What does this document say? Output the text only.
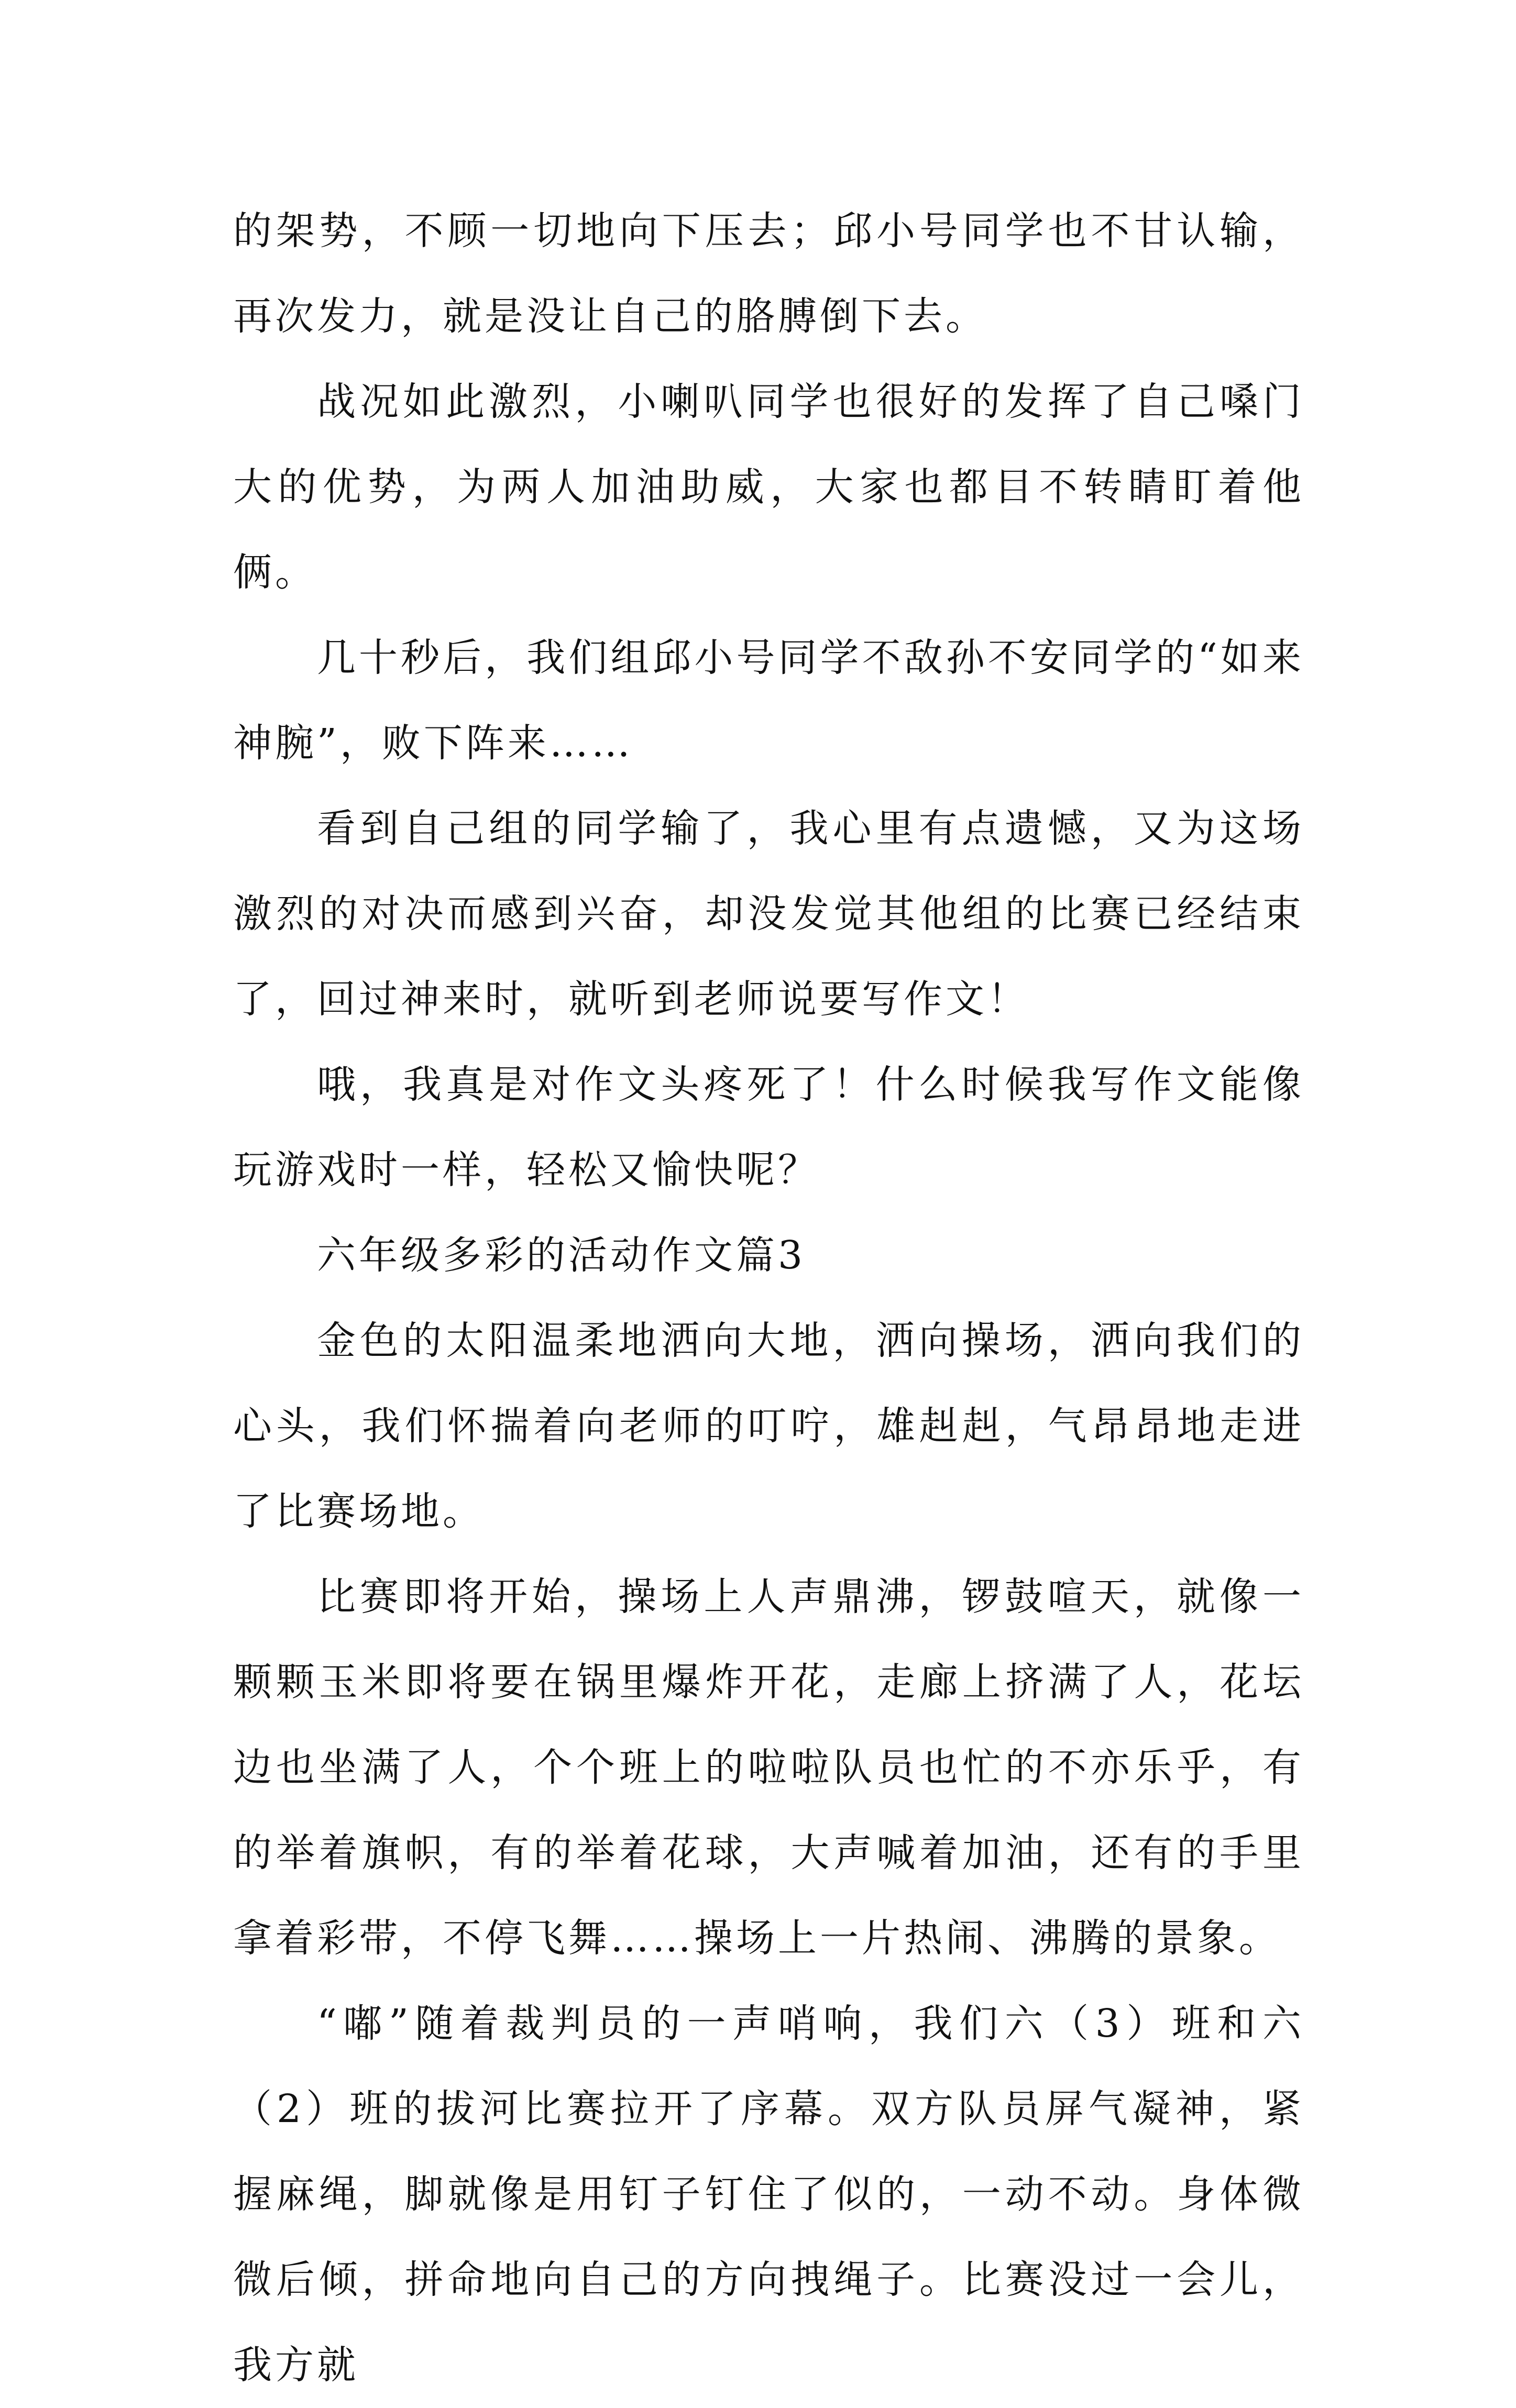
的架势，不顾一切地向下压去；邱小号同学也不甘认输，再次发力，就是没让自己的胳膊倒下去。

战况如此激烈，小喇叭同学也很好的发挥了自己嗓门大的优势，为两人加油助威，大家也都目不转睛盯着他俩。

几十秒后，我们组邱小号同学不敌孙不安同学的“如来神腕”，败下阵来……

看到自己组的同学输了，我心里有点遗憾，又为这场激烈的对决而感到兴奋，却没发觉其他组的比赛已经结束了，回过神来时，就听到老师说要写作文！

哦，我真是对作文头疼死了！什么时候我写作文能像玩游戏时一样，轻松又愉快呢？

六年级多彩的活动作文篇3

金色的太阳温柔地洒向大地，洒向操场，洒向我们的心头，我们怀揣着向老师的叮咛，雄赳赳，气昂昂地走进了比赛场地。

比赛即将开始，操场上人声鼎沸，锣鼓喧天，就像一颗颗玉米即将要在锅里爆炸开花，走廊上挤满了人，花坛边也坐满了人，个个班上的啦啦队员也忙的不亦乐乎，有的举着旗帜，有的举着花球，大声喊着加油，还有的手里拿着彩带，不停飞舞……操场上一片热闹、沸腾的景象。

“嘟”随着裁判员的一声哨响，我们六（3）班和六（2）班的拔河比赛拉开了序幕。双方队员屏气凝神，紧握麻绳，脚就像是用钉子钉住了似的，一动不动。身体微微后倾，拼命地向自己的方向拽绳子。比赛没过一会儿，我方就
